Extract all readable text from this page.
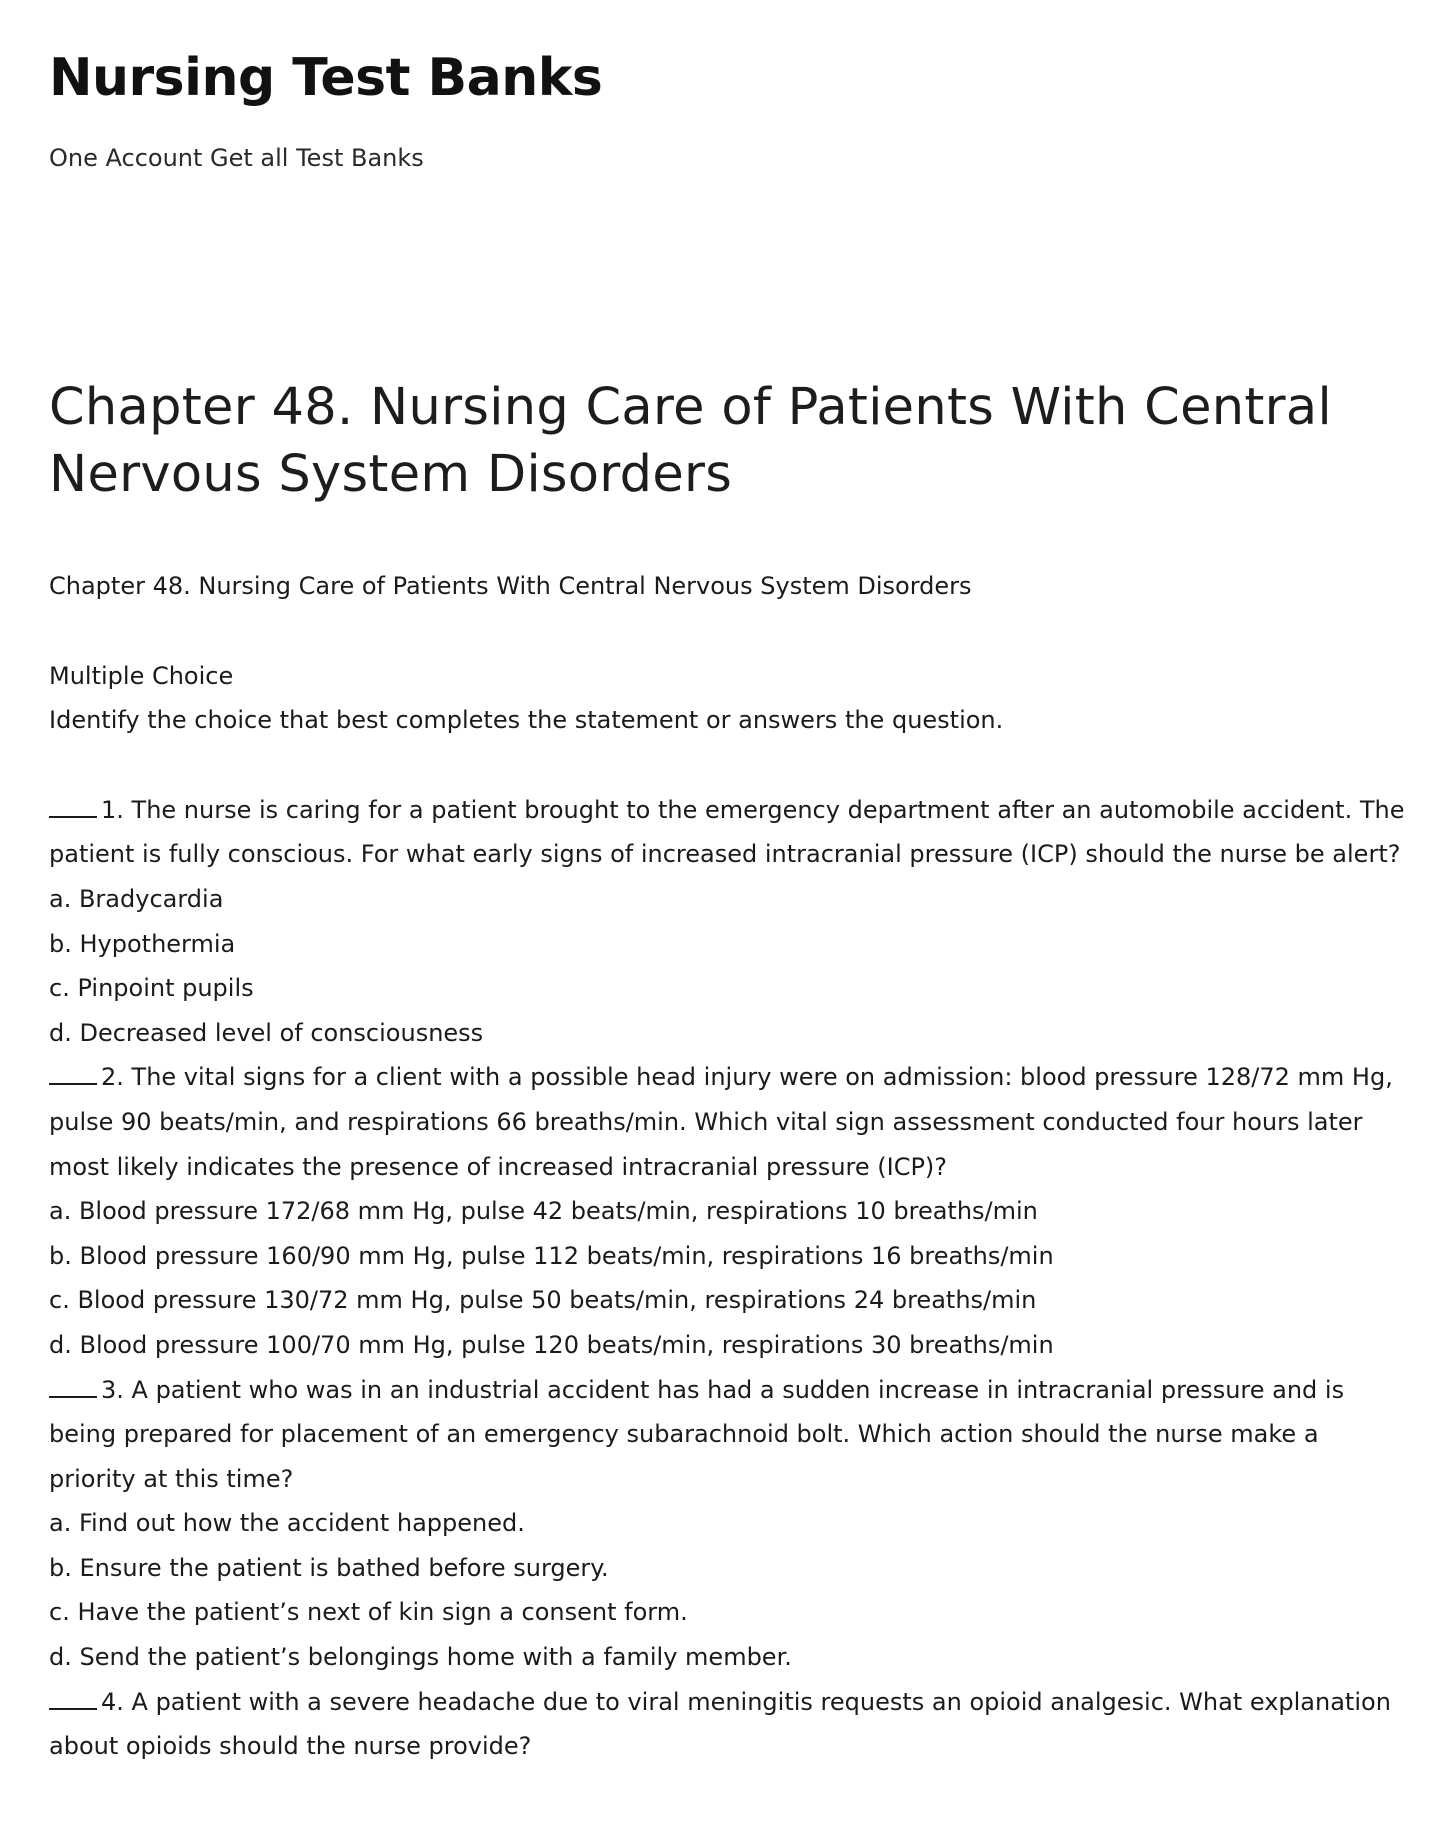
Nursing Test Banks

One Account Get all Test Banks

Chapter 48. Nursing Care of Patients With Central Nervous System Disorders

Chapter 48. Nursing Care of Patients With Central Nervous System Disorders

Multiple Choice

Identify the choice that best completes the statement or answers the question.

1. The nurse is caring for a patient brought to the emergency department after an automobile accident. The patient is fully conscious. For what early signs of increased intracranial pressure (ICP) should the nurse be alert?

a. Bradycardia

b. Hypothermia

c. Pinpoint pupils

d. Decreased level of consciousness

2. The vital signs for a client with a possible head injury were on admission: blood pressure 128/72 mm Hg, pulse 90 beats/min, and respirations 66 breaths/min. Which vital sign assessment conducted four hours later most likely indicates the presence of increased intracranial pressure (ICP)?

a. Blood pressure 172/68 mm Hg, pulse 42 beats/min, respirations 10 breaths/min

b. Blood pressure 160/90 mm Hg, pulse 112 beats/min, respirations 16 breaths/min

c. Blood pressure 130/72 mm Hg, pulse 50 beats/min, respirations 24 breaths/min

d. Blood pressure 100/70 mm Hg, pulse 120 beats/min, respirations 30 breaths/min

3. A patient who was in an industrial accident has had a sudden increase in intracranial pressure and is being prepared for placement of an emergency subarachnoid bolt. Which action should the nurse make a priority at this time?

a. Find out how the accident happened.

b. Ensure the patient is bathed before surgery.

c. Have the patient’s next of kin sign a consent form.

d. Send the patient’s belongings home with a family member.

4. A patient with a severe headache due to viral meningitis requests an opioid analgesic. What explanation about opioids should the nurse provide?
